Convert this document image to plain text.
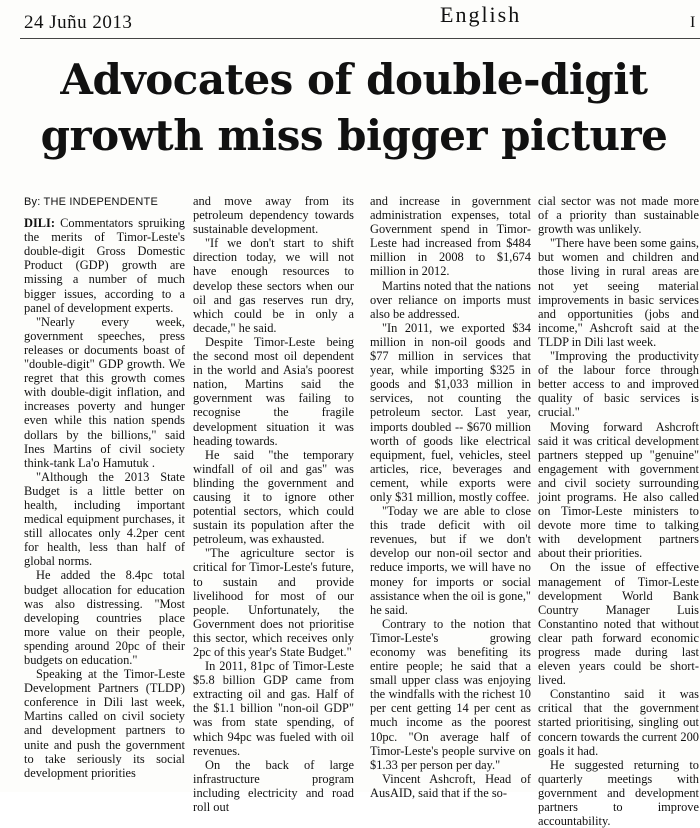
24 Juñu 2013	English	I
Advocates of double-digit
growth miss bigger picture
By: THE INDEPENDENTE

DILI: Commentators spruiking the merits of Timor-Leste's double-digit Gross Domestic Product (GDP) growth are missing a number of much bigger issues, according to a panel of development experts.

"Nearly every week, government speeches, press releases or documents boast of "double-digit" GDP growth. We regret that this growth comes with double-digit inflation, and increases poverty and hunger even while this nation spends dollars by the billions," said Ines Martins of civil society think-tank La'o Hamutuk .

"Although the 2013 State Budget is a little better on health, including important medical equipment purchases, it still allocates only 4.2per cent for health, less than half of global norms.

He added the 8.4pc total budget allocation for education was also distressing. "Most developing countries place more value on their people, spending around 20pc of their budgets on education."

Speaking at the Timor-Leste Development Partners (TLDP) conference in Dili last week, Martins called on civil society and development partners to unite and push the government to take seriously its social development priorities

and move away from its petroleum dependency towards sustainable development.

"If we don't start to shift direction today, we will not have enough resources to develop these sectors when our oil and gas reserves run dry, which could be in only a decade," he said.

Despite Timor-Leste being the second most oil dependent in the world and Asia's poorest nation, Martins said the government was failing to recognise the fragile development situation it was heading towards.

He said "the temporary windfall of oil and gas" was blinding the government and causing it to ignore other potential sectors, which could sustain its population after the petroleum, was exhausted.

"The agriculture sector is critical for Timor-Leste's future, to sustain and provide livelihood for most of our people. Unfortunately, the Government does not prioritise this sector, which receives only 2pc of this year's State Budget."

In 2011, 81pc of Timor-Leste $5.8 billion GDP came from extracting oil and gas. Half of the $1.1 billion "non-oil GDP" was from state spending, of which 94pc was fueled with oil revenues.

On the back of large infrastructure program including electricity and road roll out

and increase in government administration expenses, total Government spend in Timor-Leste had increased from $484 million in 2008 to $1,674 million in 2012.

Martins noted that the nations over reliance on imports must also be addressed.

"In 2011, we exported $34 million in non-oil goods and $77 million in services that year, while importing $325 in goods and $1,033 million in services, not counting the petroleum sector. Last year, imports doubled -- $670 million worth of goods like electrical equipment, fuel, vehicles, steel articles, rice, beverages and cement, while exports were only $31 million, mostly coffee.

"Today we are able to close this trade deficit with oil revenues, but if we don't develop our non-oil sector and reduce imports, we will have no money for imports or social assistance when the oil is gone," he said.

Contrary to the notion that Timor-Leste's growing economy was benefiting its entire people; he said that a small upper class was enjoying the windfalls with the richest 10 per cent getting 14 per cent as much income as the poorest 10pc. "On average half of Timor-Leste's people survive on $1.33 per person per day."

Vincent Ashcroft, Head of AusAID, said that if the so-

cial sector was not made more of a priority than sustainable growth was unlikely.

"There have been some gains, but women and children and those living in rural areas are not yet seeing material improvements in basic services and opportunities (jobs and income," Ashcroft said at the TLDP in Dili last week.

"Improving the productivity of the labour force through better access to and improved quality of basic services is crucial."

Moving forward Ashcroft said it was critical development partners stepped up "genuine" engagement with government and civil society surrounding joint programs. He also called on Timor-Leste ministers to devote more time to talking with development partners about their priorities.

On the issue of effective management of Timor-Leste development World Bank Country Manager Luis Constantino noted that without clear path forward economic progress made during last eleven years could be short-lived.

Constantino said it was critical that the government started prioritising, singling out concern towards the current 200 goals it had.

He suggested returning to quarterly meetings with government and development partners to improve accountability.
